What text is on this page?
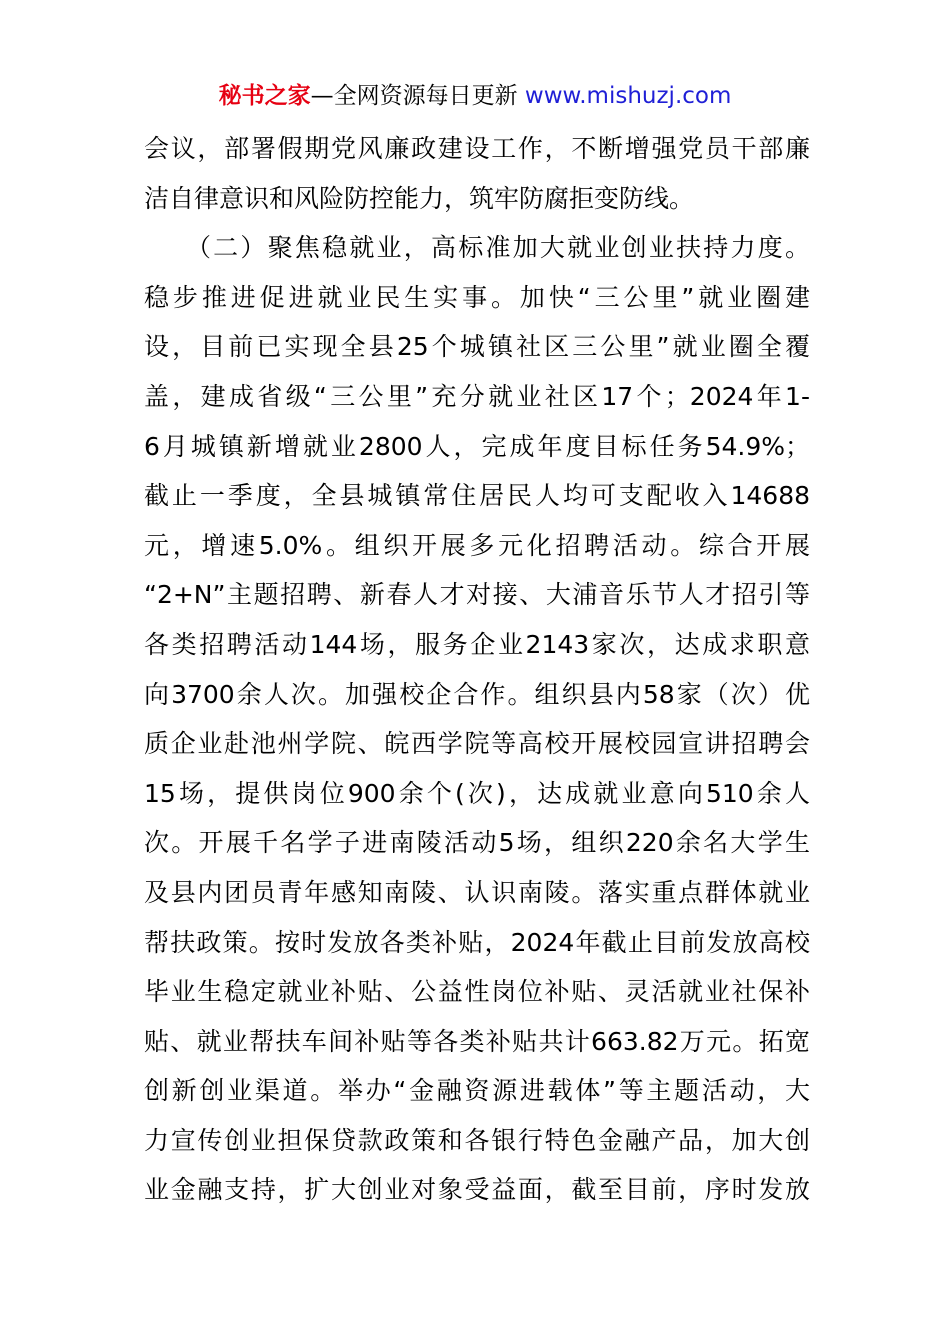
秘书之家—全网资源每日更新 www.mishuzj.com
会议，部署假期党风廉政建设工作，不断增强党员干部廉
洁自律意识和风险防控能力，筑牢防腐拒变防线。
　　（二）聚焦稳就业，高标准加大就业创业扶持力度。
稳步推进促进就业民生实事。加快“三公里”就业圈建
设，目前已实现全县25个城镇社区三公里”就业圈全覆
盖，建成省级“三公里”充分就业社区17个；2024年1-
6月城镇新增就业2800人，完成年度目标任务54.9%；
截止一季度，全县城镇常住居民人均可支配收入14688
元，增速5.0%。组织开展多元化招聘活动。综合开展
“2+N”主题招聘、新春人才对接、大浦音乐节人才招引等
各类招聘活动144场，服务企业2143家次，达成求职意
向3700余人次。加强校企合作。组织县内58家（次）优
质企业赴池州学院、皖西学院等高校开展校园宣讲招聘会
15场，提供岗位900余个(次)，达成就业意向510余人
次。开展千名学子进南陵活动5场，组织220余名大学生
及县内团员青年感知南陵、认识南陵。落实重点群体就业
帮扶政策。按时发放各类补贴，2024年截止目前发放高校
毕业生稳定就业补贴、公益性岗位补贴、灵活就业社保补
贴、就业帮扶车间补贴等各类补贴共计663.82万元。拓宽
创新创业渠道。举办“金融资源进载体”等主题活动，大
力宣传创业担保贷款政策和各银行特色金融产品，加大创
业金融支持，扩大创业对象受益面，截至目前，序时发放
